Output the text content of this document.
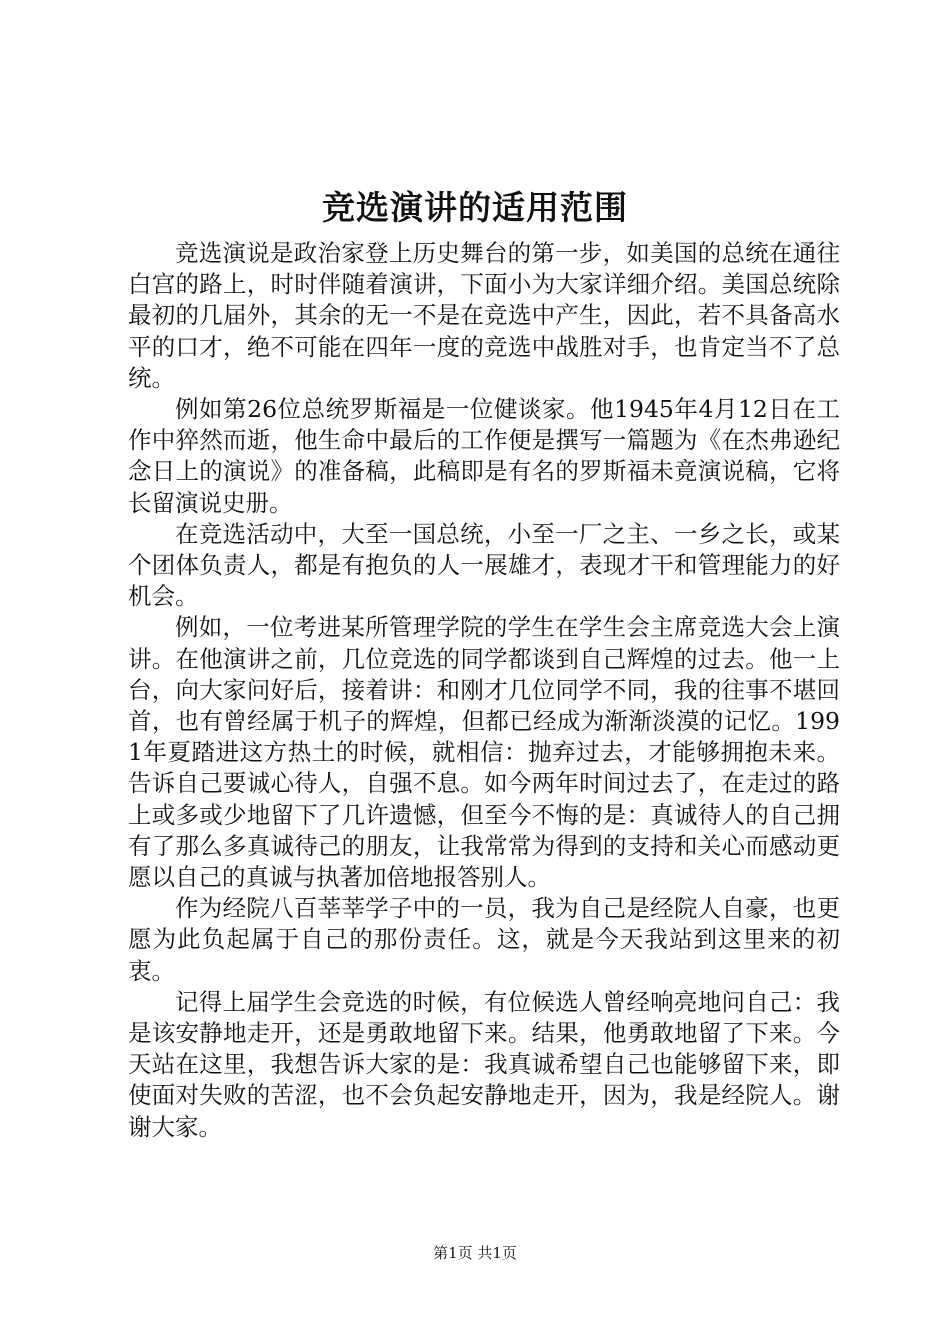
竞选演讲的适用范围

竞选演说是政治家登上历史舞台的第一步，如美国的总统在通往白宫的路上，时时伴随着演讲，下面小为大家详细介绍。美国总统除最初的几届外，其余的无一不是在竞选中产生，因此，若不具备高水平的口才，绝不可能在四年一度的竞选中战胜对手，也肯定当不了总统。

例如第26位总统罗斯福是一位健谈家。他1945年4月12日在工作中猝然而逝，他生命中最后的工作便是撰写一篇题为《在杰弗逊纪念日上的演说》的准备稿，此稿即是有名的罗斯福未竟演说稿，它将长留演说史册。

在竞选活动中，大至一国总统，小至一厂之主、一乡之长，或某个团体负责人，都是有抱负的人一展雄才，表现才干和管理能力的好机会。

例如，一位考进某所管理学院的学生在学生会主席竞选大会上演讲。在他演讲之前，几位竞选的同学都谈到自己辉煌的过去。他一上台，向大家问好后，接着讲：和刚才几位同学不同，我的往事不堪回首，也有曾经属于机子的辉煌，但都已经成为渐渐淡漠的记忆。1991年夏踏进这方热土的时候，就相信：抛弃过去，才能够拥抱未来。告诉自己要诚心待人，自强不息。如今两年时间过去了，在走过的路上或多或少地留下了几许遗憾，但至今不悔的是：真诚待人的自己拥有了那么多真诚待己的朋友，让我常常为得到的支持和关心而感动更愿以自己的真诚与执著加倍地报答别人。

作为经院八百莘莘学子中的一员，我为自己是经院人自豪，也更愿为此负起属于自己的那份责任。这，就是今天我站到这里来的初衷。

记得上届学生会竞选的时候，有位候选人曾经响亮地问自己：我是该安静地走开，还是勇敢地留下来。结果，他勇敢地留了下来。今天站在这里，我想告诉大家的是：我真诚希望自己也能够留下来，即使面对失败的苦涩，也不会负起安静地走开，因为，我是经院人。谢谢大家。

第1页 共1页
